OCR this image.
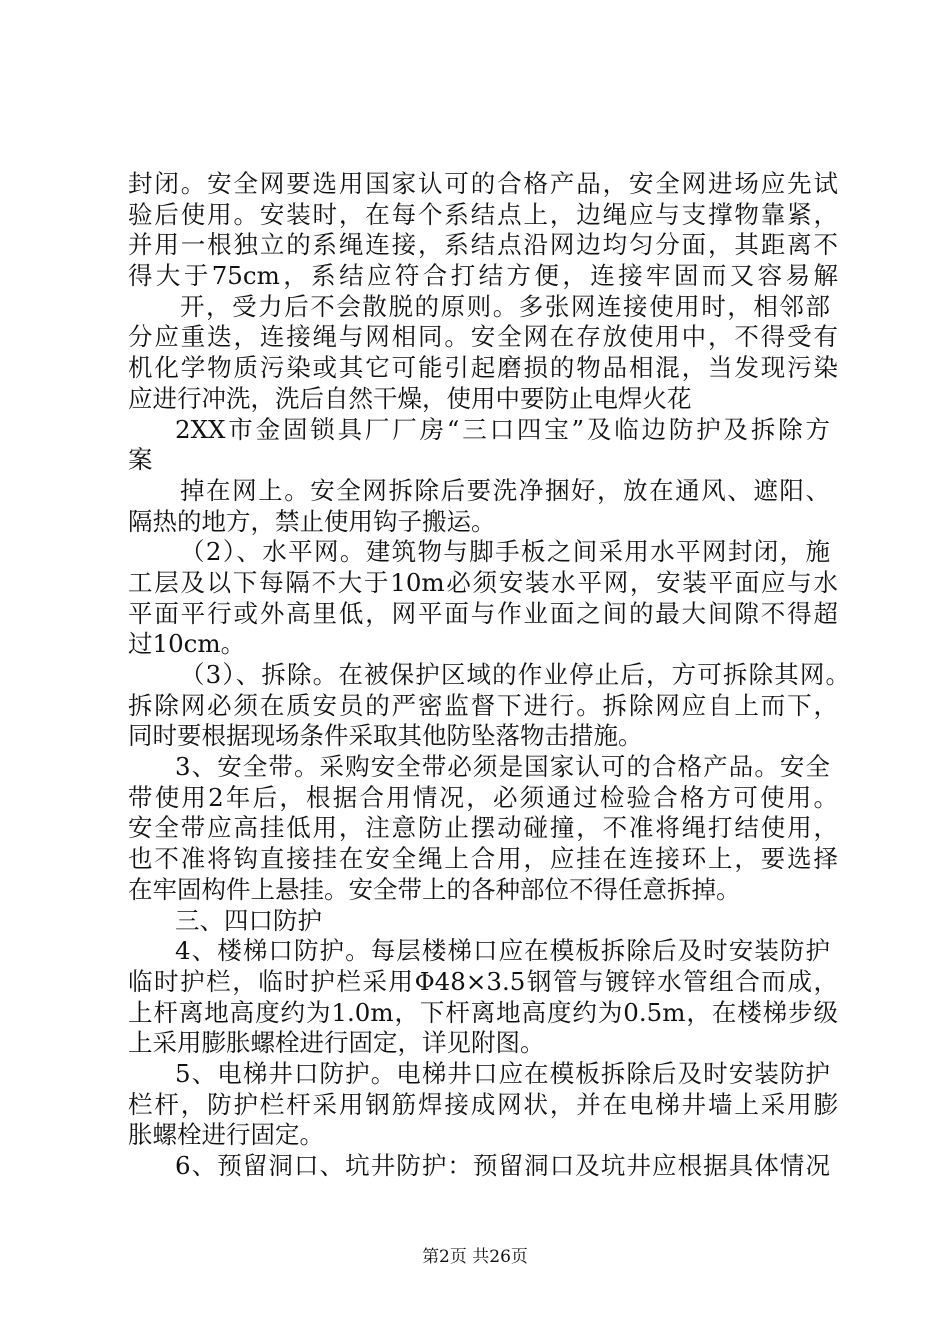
封闭。安全网要选用国家认可的合格产品，安全网进场应先试
验后使用。安装时，在每个系结点上，边绳应与支撑物靠紧，
并用一根独立的系绳连接，系结点沿网边均匀分面，其距离不
得大于75cm，系结应符合打结方便，连接牢固而又容易解
开，受力后不会散脱的原则。多张网连接使用时，相邻部
分应重迭，连接绳与网相同。安全网在存放使用中，不得受有
机化学物质污染或其它可能引起磨损的物品相混，当发现污染
应进行冲洗，洗后自然干燥，使用中要防止电焊火花
2XX市金固锁具厂厂房“三口四宝”及临边防护及拆除方
案
掉在网上。安全网拆除后要洗净捆好，放在通风、遮阳、
隔热的地方，禁止使用钩子搬运。
（2）、水平网。建筑物与脚手板之间采用水平网封闭，施
工层及以下每隔不大于10m必须安装水平网，安装平面应与水
平面平行或外高里低，网平面与作业面之间的最大间隙不得超
过10cm。
（3）、拆除。在被保护区域的作业停止后，方可拆除其网。
拆除网必须在质安员的严密监督下进行。拆除网应自上而下，
同时要根据现场条件采取其他防坠落物击措施。
3、安全带。采购安全带必须是国家认可的合格产品。安全
带使用2年后，根据合用情况，必须通过检验合格方可使用。
安全带应高挂低用，注意防止摆动碰撞，不准将绳打结使用，
也不准将钩直接挂在安全绳上合用，应挂在连接环上，要选择
在牢固构件上悬挂。安全带上的各种部位不得任意拆掉。
三、四口防护
4、楼梯口防护。每层楼梯口应在模板拆除后及时安装防护
临时护栏，临时护栏采用Φ48×3.5钢管与镀锌水管组合而成，
上杆离地高度约为1.0m，下杆离地高度约为0.5m，在楼梯步级
上采用膨胀螺栓进行固定，详见附图。
5、电梯井口防护。电梯井口应在模板拆除后及时安装防护
栏杆，防护栏杆采用钢筋焊接成网状，并在电梯井墙上采用膨
胀螺栓进行固定。
6、预留洞口、坑井防护：预留洞口及坑井应根据具体情况
第2页 共26页
